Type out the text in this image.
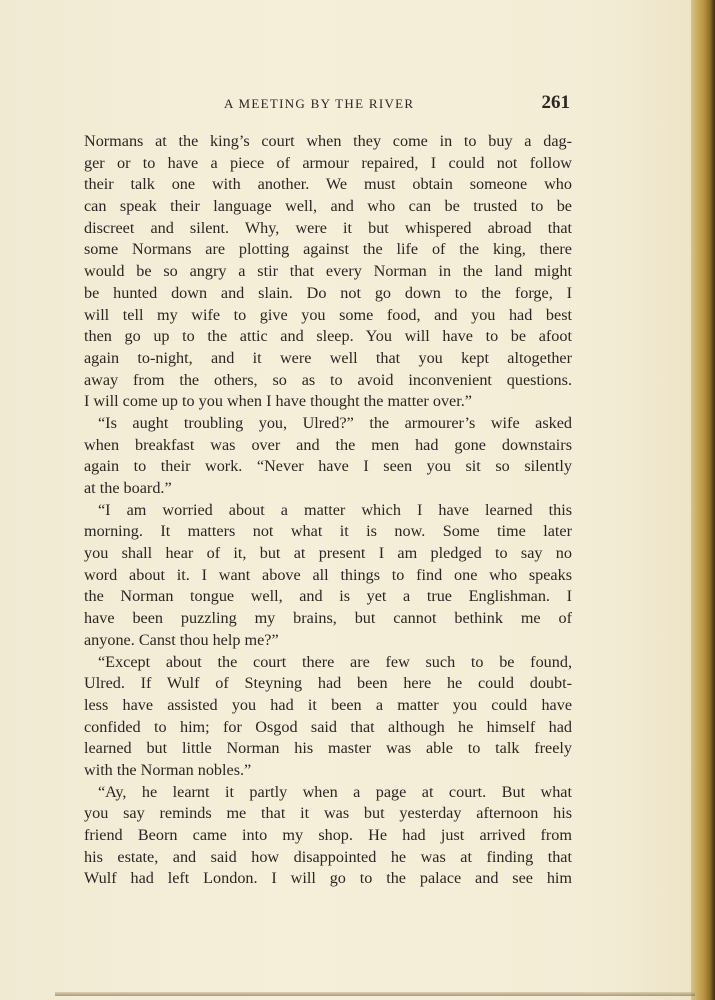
A MEETING BY THE RIVER	261
Normans at the king’s court when they come in to buy a dag-
ger or to have a piece of armour repaired, I could not follow
their talk one with another. We must obtain someone who
can speak their language well, and who can be trusted to be
discreet and silent. Why, were it but whispered abroad that
some Normans are plotting against the life of the king, there
would be so angry a stir that every Norman in the land might
be hunted down and slain. Do not go down to the forge, I
will tell my wife to give you some food, and you had best
then go up to the attic and sleep. You will have to be afoot
again to-night, and it were well that you kept altogether
away from the others, so as to avoid inconvenient questions.
I will come up to you when I have thought the matter over.”
“Is aught troubling you, Ulred?” the armourer’s wife asked
when breakfast was over and the men had gone downstairs
again to their work. “Never have I seen you sit so silently
at the board.”
“I am worried about a matter which I have learned this
morning. It matters not what it is now. Some time later
you shall hear of it, but at present I am pledged to say no
word about it. I want above all things to find one who speaks
the Norman tongue well, and is yet a true Englishman. I
have been puzzling my brains, but cannot bethink me of
anyone. Canst thou help me?”
“Except about the court there are few such to be found,
Ulred. If Wulf of Steyning had been here he could doubt-
less have assisted you had it been a matter you could have
confided to him; for Osgod said that although he himself had
learned but little Norman his master was able to talk freely
with the Norman nobles.”
“Ay, he learnt it partly when a page at court. But what
you say reminds me that it was but yesterday afternoon his
friend Beorn came into my shop. He had just arrived from
his estate, and said how disappointed he was at finding that
Wulf had left London. I will go to the palace and see him
